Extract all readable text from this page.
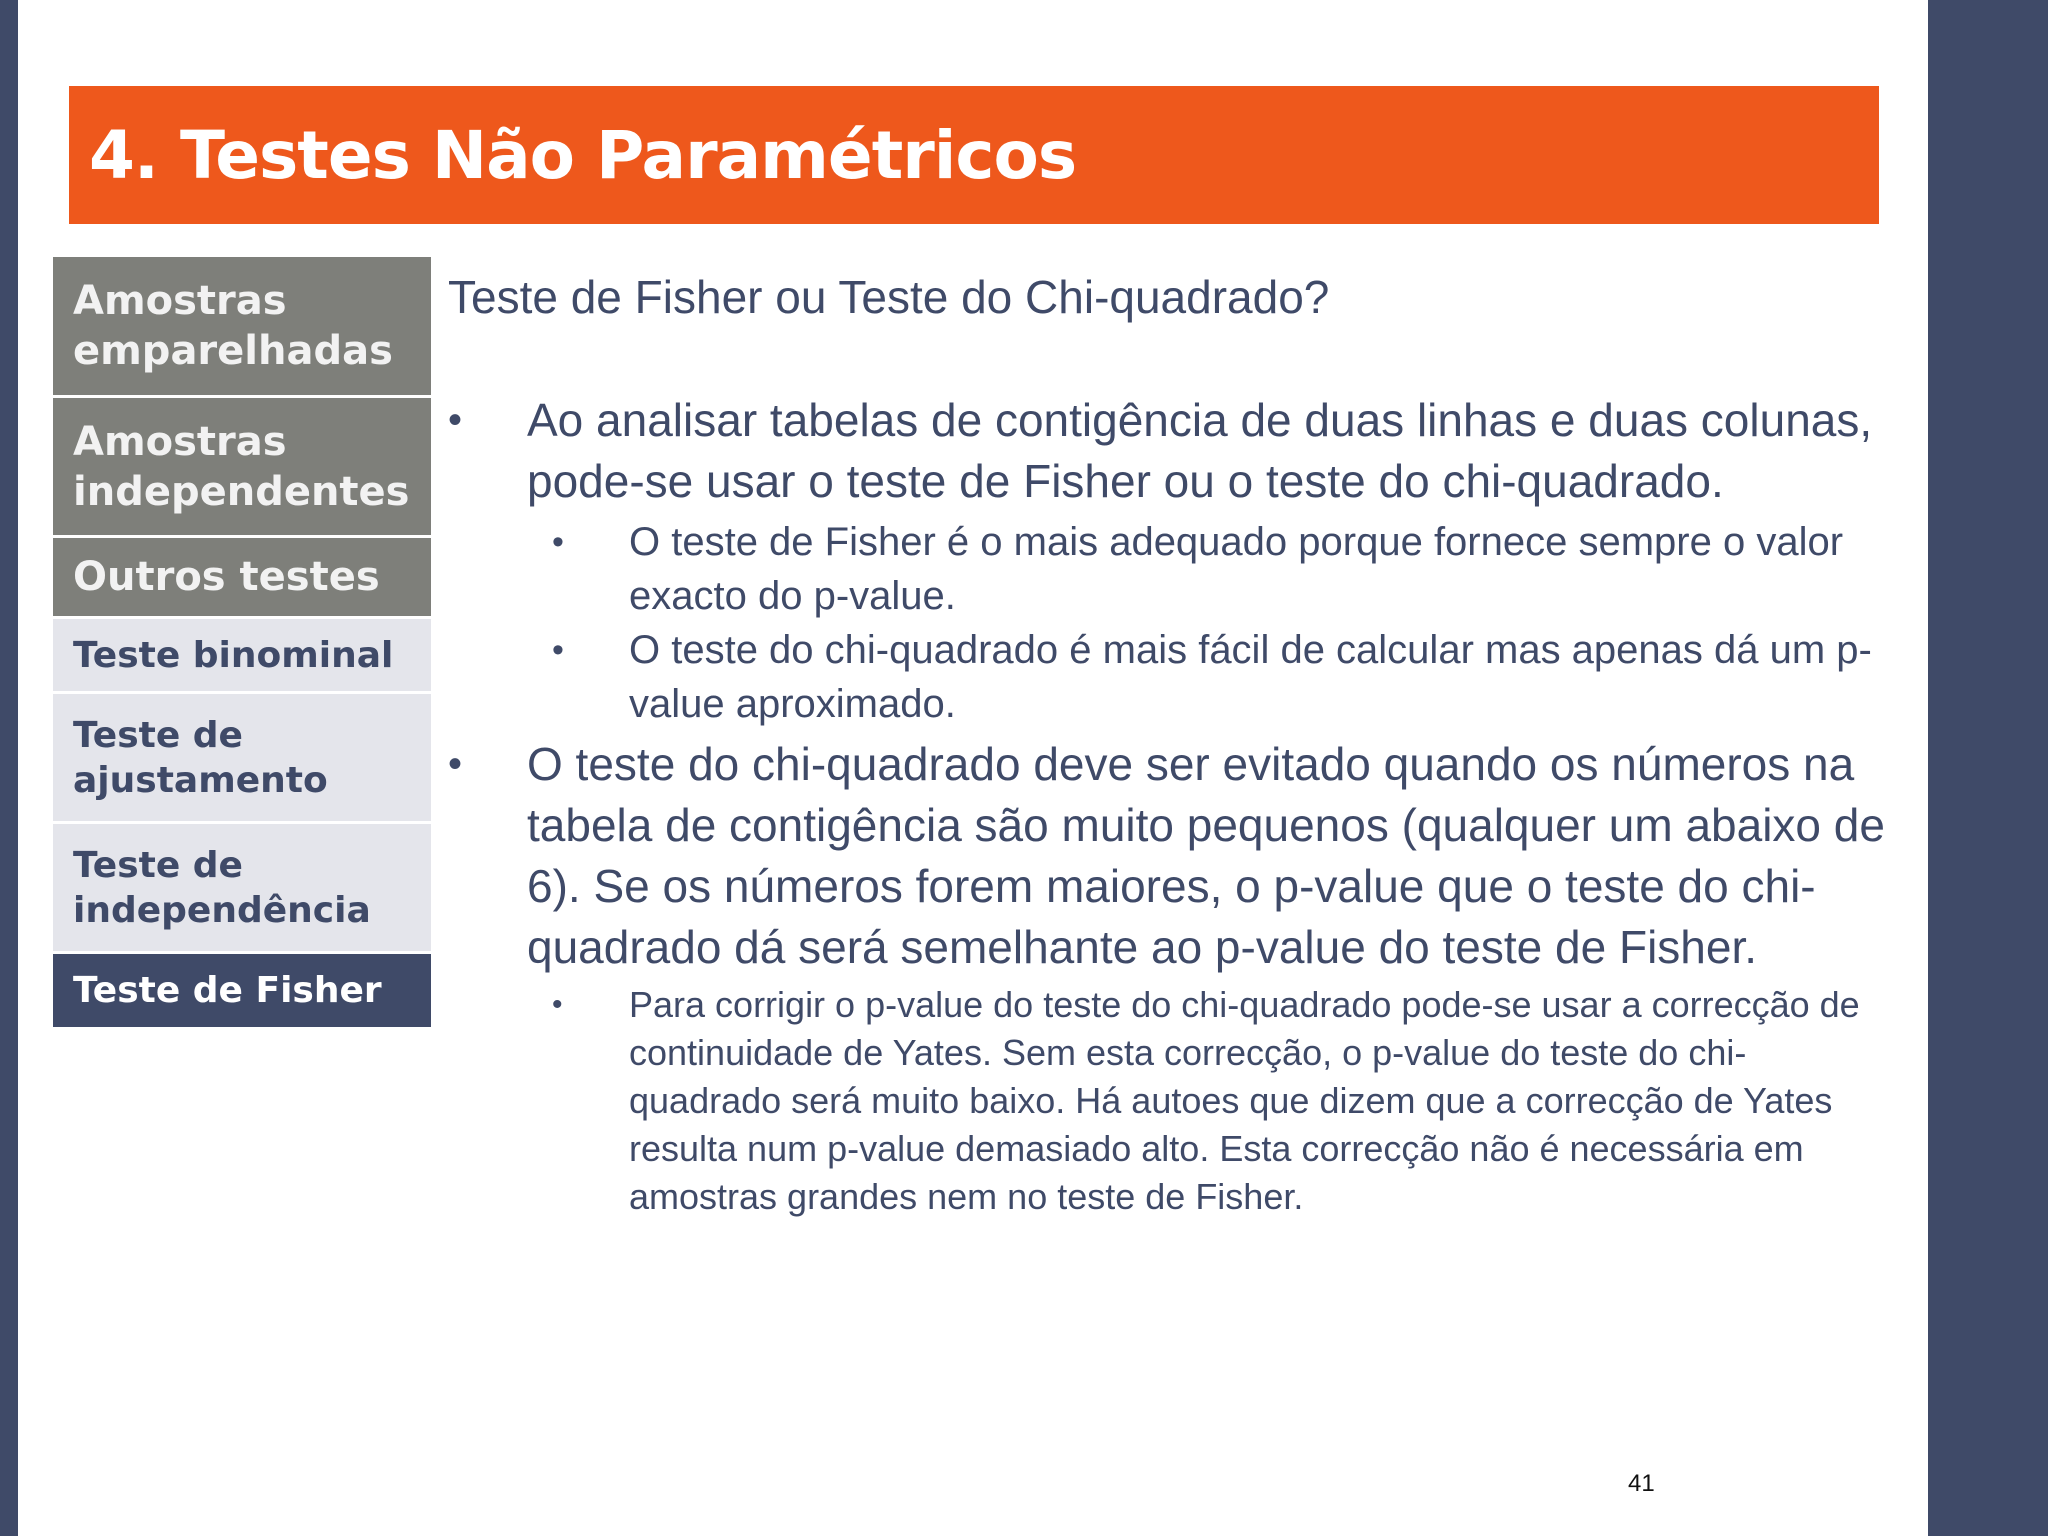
4. Testes Não Paramétricos
Amostras emparelhadas
Amostras independentes
Outros testes
Teste binominal
Teste de ajustamento
Teste de independência
Teste de Fisher
Teste de Fisher ou Teste do Chi-quadrado?
• Ao analisar tabelas de contigência de duas linhas e duas colunas, pode-se usar o teste de Fisher ou o teste do chi-quadrado.
• O teste de Fisher é o mais adequado porque fornece sempre o valor exacto do p-value.
• O teste do chi-quadrado é mais fácil de calcular mas apenas dá um p-value aproximado.
• O teste do chi-quadrado deve ser evitado quando os números na tabela de contigência são muito pequenos (qualquer um abaixo de 6). Se os números forem maiores, o p-value que o teste do chi-quadrado dá será semelhante ao p-value do teste de Fisher.
• Para corrigir o p-value do teste do chi-quadrado pode-se usar a correcção de continuidade de Yates. Sem esta correcção, o p-value do teste do chi-quadrado será muito baixo. Há autoes que dizem que a correcção de Yates resulta num p-value demasiado alto. Esta correcção não é necessária em amostras grandes nem no teste de Fisher.
41
